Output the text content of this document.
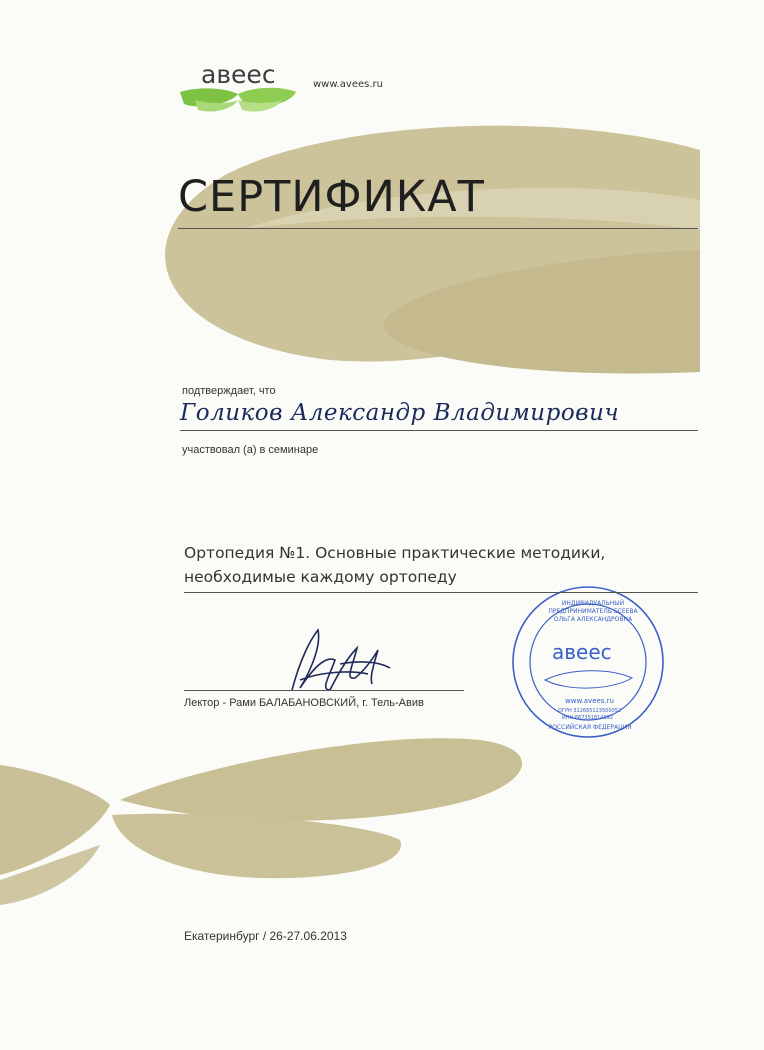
авеес	www.avees.ru
СЕРТИФИКАТ
подтверждает, что
Голиков Александр Владимирович
участвовал (а) в семинаре
Ортопедия №1. Основные практические методики,
необходимые каждому ортопеду
Лектор - Рами БАЛАБАНОВСКИЙ, г. Тель-Авив
ИНДИВИДУАЛЬНЫЙ ПРЕДПРИНИМАТЕЛЬ ЕСЕЕВА ОЛЬГА АЛЕКСАНДРОВНА
авеес
www.avees.ru
ОГРН 312665123500052
ИНН 667351814692
РОССИЙСКАЯ ФЕДЕРАЦИЯ
Екатеринбург / 26-27.06.2013
